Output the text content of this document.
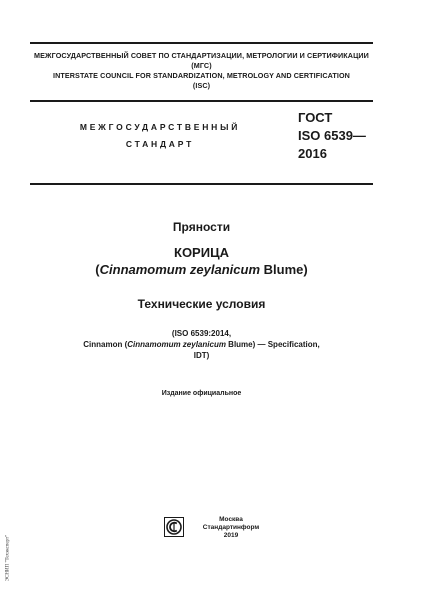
МЕЖГОСУДАРСТВЕННЫЙ СОВЕТ ПО СТАНДАРТИЗАЦИИ, МЕТРОЛОГИИ И СЕРТИФИКАЦИИ
(МГС)
INTERSTATE COUNCIL FOR STANDARDIZATION, METROLOGY AND CERTIFICATION
(ISC)
МЕЖГОСУДАРСТВЕННЫЙ
СТАНДАРТ
ГОСТ
ISO 6539—
2016
Пряности
КОРИЦА
(Cinnamomum zeylanicum Blume)
Технические условия
(ISO 6539:2014,
Cinnamon (Cinnamomum zeylanicum Blume) — Specification,
IDT)
Издание официальное
Москва
Стандартинформ
2019
ЭСНИП "Техэксперт"
